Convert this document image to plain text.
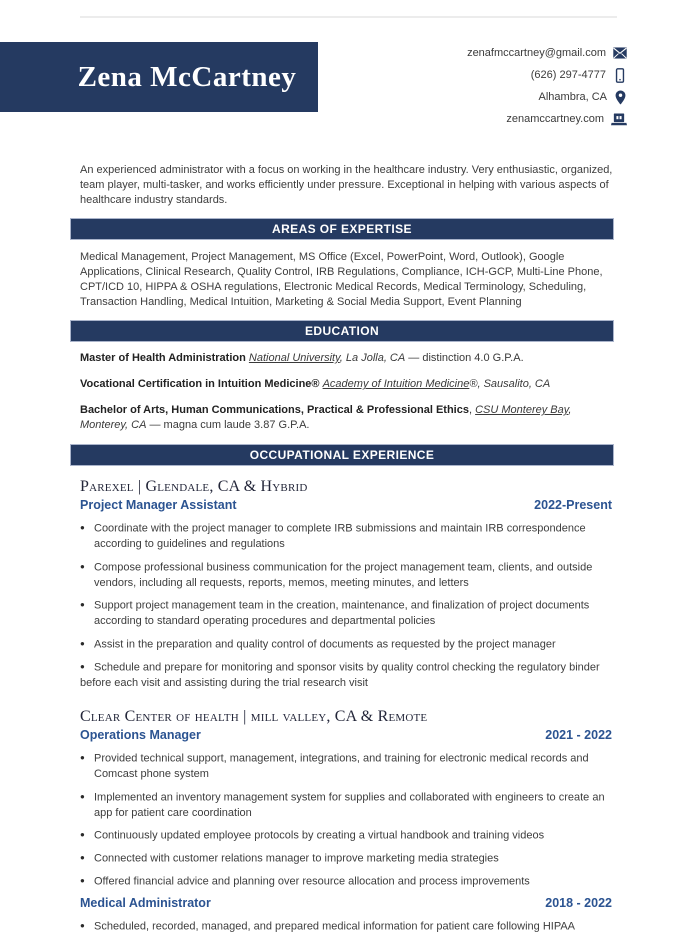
Zena McCartney
zenafmccartney@gmail.com
(626) 297-4777
Alhambra, CA
zenamccartney.com

An experienced administrator with a focus on working in the healthcare industry. Very enthusiastic, organized, team player, multi-tasker, and works efficiently under pressure. Exceptional in helping with various aspects of healthcare industry standards.

AREAS OF EXPERTISE

Medical Management, Project Management, MS Office (Excel, PowerPoint, Word, Outlook), Google Applications, Clinical Research, Quality Control, IRB Regulations, Compliance, ICH-GCP, Multi-Line Phone, CPT/ICD 10, HIPPA & OSHA regulations, Electronic Medical Records, Medical Terminology, Scheduling, Transaction Handling, Medical Intuition, Marketing & Social Media Support, Event Planning

EDUCATION

Master of Health Administration National University, La Jolla, CA — distinction 4.0 G.P.A.

Vocational Certification in Intuition Medicine® Academy of Intuition Medicine®, Sausalito, CA

Bachelor of Arts, Human Communications, Practical & Professional Ethics, CSU Monterey Bay, Monterey, CA — magna cum laude 3.87 G.P.A.

OCCUPATIONAL EXPERIENCE
Parexel | Glendale, CA & Hybrid
Project Manager Assistant	2022-Present

● Coordinate with the project manager to complete IRB submissions and maintain IRB correspondence according to guidelines and regulations

● Compose professional business communication for the project management team, clients, and outside vendors, including all requests, reports, memos, meeting minutes, and letters

● Support project management team in the creation, maintenance, and finalization of project documents according to standard operating procedures and departmental policies

● Assist in the preparation and quality control of documents as requested by the project manager

● Schedule and prepare for monitoring and sponsor visits by quality control checking the regulatory binder before each visit and assisting during the trial research visit

Clear Center of health | mill valley, CA & Remote
Operations Manager	2021 - 2022

● Provided technical support, management, integrations, and training for electronic medical records and Comcast phone system

● Implemented an inventory management system for supplies and collaborated with engineers to create an app for patient care coordination

● Continuously updated employee protocols by creating a virtual handbook and training videos

● Connected with customer relations manager to improve marketing media strategies

● Offered financial advice and planning over resource allocation and process improvements

Medical Administrator	2018 - 2022

● Scheduled, recorded, managed, and prepared medical information for patient care following HIPAA
